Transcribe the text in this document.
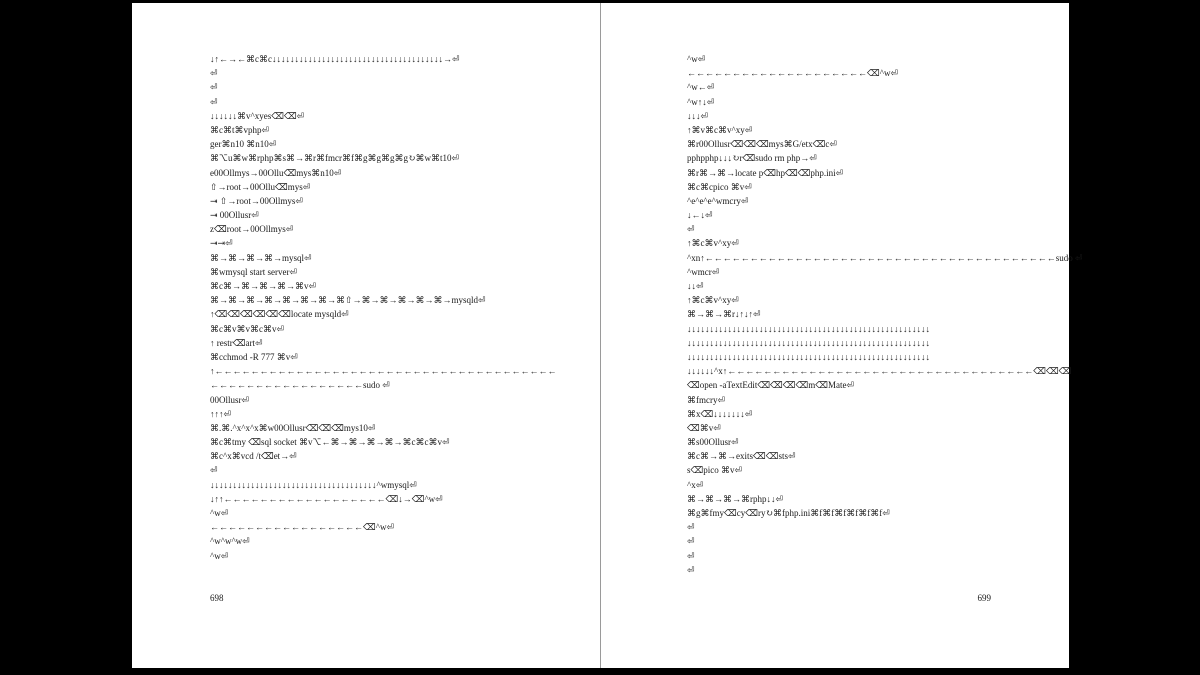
↓↑←→←⌘c⌘c↓↓↓↓↓↓↓↓↓↓↓↓↓↓↓↓↓↓↓↓↓↓↓↓↓↓↓↓↓↓↓↓↓↓↓↓↓↓→⏎
⏎
⏎
⏎
↓↓↓↓↓↓⌘v^xyes⌫⌫⏎
⌘c⌘t⌘vphp⏎
ger⌘n10 ⌘n10⏎
⌘⌥u⌘w⌘rphp⌘s⌘→⌘r⌘fmcr⌘f⌘g⌘g⌘g⌘g↻⌘w⌘t10⏎
e00Ollmys→00Ollu⌫mys⌘n10⏎
⇧→root→00Ollu⌫mys⏎
⇥ ⇧→root→00Ollmys⏎
⇥ 00Ollusr⏎
z⌫root→00Ollmys⏎
⇥⇥⏎
⌘→⌘→⌘→⌘→mysql⏎
⌘wmysql start server⏎
⌘c⌘→⌘→⌘→⌘→⌘v⏎
⌘→⌘→⌘→⌘→⌘→⌘→⌘→⌘⇧→⌘→⌘→⌘→⌘→⌘→mysqld⏎
↑⌫⌫⌫⌫⌫⌫locate mysqld⏎
⌘c⌘v⌘v⌘c⌘v⏎
↑ restr⌫art⏎
⌘cchmod -R 777 ⌘v⏎
↑←←←←←←←←←←←←←←←←←←←←←←←←←←←←←←←←←←←←←←
←←←←←←←←←←←←←←←←←sudo ⏎
00Ollusr⏎
↑↑↑⏎
⌘.⌘.^x^x^x⌘w00Ollusr⌫⌫⌫mys10⏎
⌘c⌘tmy ⌫sql socket ⌘v⌥←⌘→⌘→⌘→⌘→⌘c⌘c⌘v⏎
⌘c^x⌘vcd /t⌫et→⏎
⏎
↓↓↓↓↓↓↓↓↓↓↓↓↓↓↓↓↓↓↓↓↓↓↓↓↓↓↓↓↓↓↓↓↓↓↓↓↓^wmysql⏎
↓↑↑←←←←←←←←←←←←←←←←←←⌫↓→⌫^w⏎
^w⏎
←←←←←←←←←←←←←←←←←⌫^w⏎
^w^w^w⏎
^w⏎
698
^w⏎
←←←←←←←←←←←←←←←←←←←←⌫^w⏎
^w←⏎
^w↑↓⏎
↓↓↓⏎
↑⌘v⌘c⌘v^xy⏎
⌘r00Ollusr⌫⌫⌫mys⌘G/etx⌫c⏎
pphpphp↓↓↓↻r⌫sudo rm php→⏎
⌘r⌘→⌘→locate p⌫hp⌫⌫php.ini⏎
⌘c⌘cpico ⌘v⏎
^e^e^e^wmcry⏎
↓←↓⏎
⏎
↑⌘c⌘v^xy⏎
^xn↑←←←←←←←←←←←←←←←←←←←←←←←←←←←←←←←←←←←←←←←sudo ⏎
^wmcr⏎
↓↓⏎
↑⌘c⌘v^xy⏎
⌘→⌘→⌘r↓↑↓↑⏎
↓↓↓↓↓↓↓↓↓↓↓↓↓↓↓↓↓↓↓↓↓↓↓↓↓↓↓↓↓↓↓↓↓↓↓↓↓↓↓↓↓↓↓↓↓↓↓↓↓↓↓↓↓↓
↓↓↓↓↓↓↓↓↓↓↓↓↓↓↓↓↓↓↓↓↓↓↓↓↓↓↓↓↓↓↓↓↓↓↓↓↓↓↓↓↓↓↓↓↓↓↓↓↓↓↓↓↓↓
↓↓↓↓↓↓↓↓↓↓↓↓↓↓↓↓↓↓↓↓↓↓↓↓↓↓↓↓↓↓↓↓↓↓↓↓↓↓↓↓↓↓↓↓↓↓↓↓↓↓↓↓↓↓
↓↓↓↓↓↓^x↑←←←←←←←←←←←←←←←←←←←←←←←←←←←←←←←←←←⌫⌫⌫
⌫open -aTextEdit⌫⌫⌫⌫m⌫Mate⏎
⌘fmcry⏎
⌘x⌫↓↓↓↓↓↓↓⏎
⌫⌘v⏎
⌘s00Ollusr⏎
⌘c⌘→⌘→exits⌫⌫sts⏎
s⌫pico ⌘v⏎
^x⏎
⌘→⌘→⌘→⌘rphp↓↓⏎
⌘g⌘fmy⌫cy⌫ry↻⌘fphp.ini⌘f⌘f⌘f⌘f⌘f⌘f⏎
⏎
⏎
⏎
⏎
699
